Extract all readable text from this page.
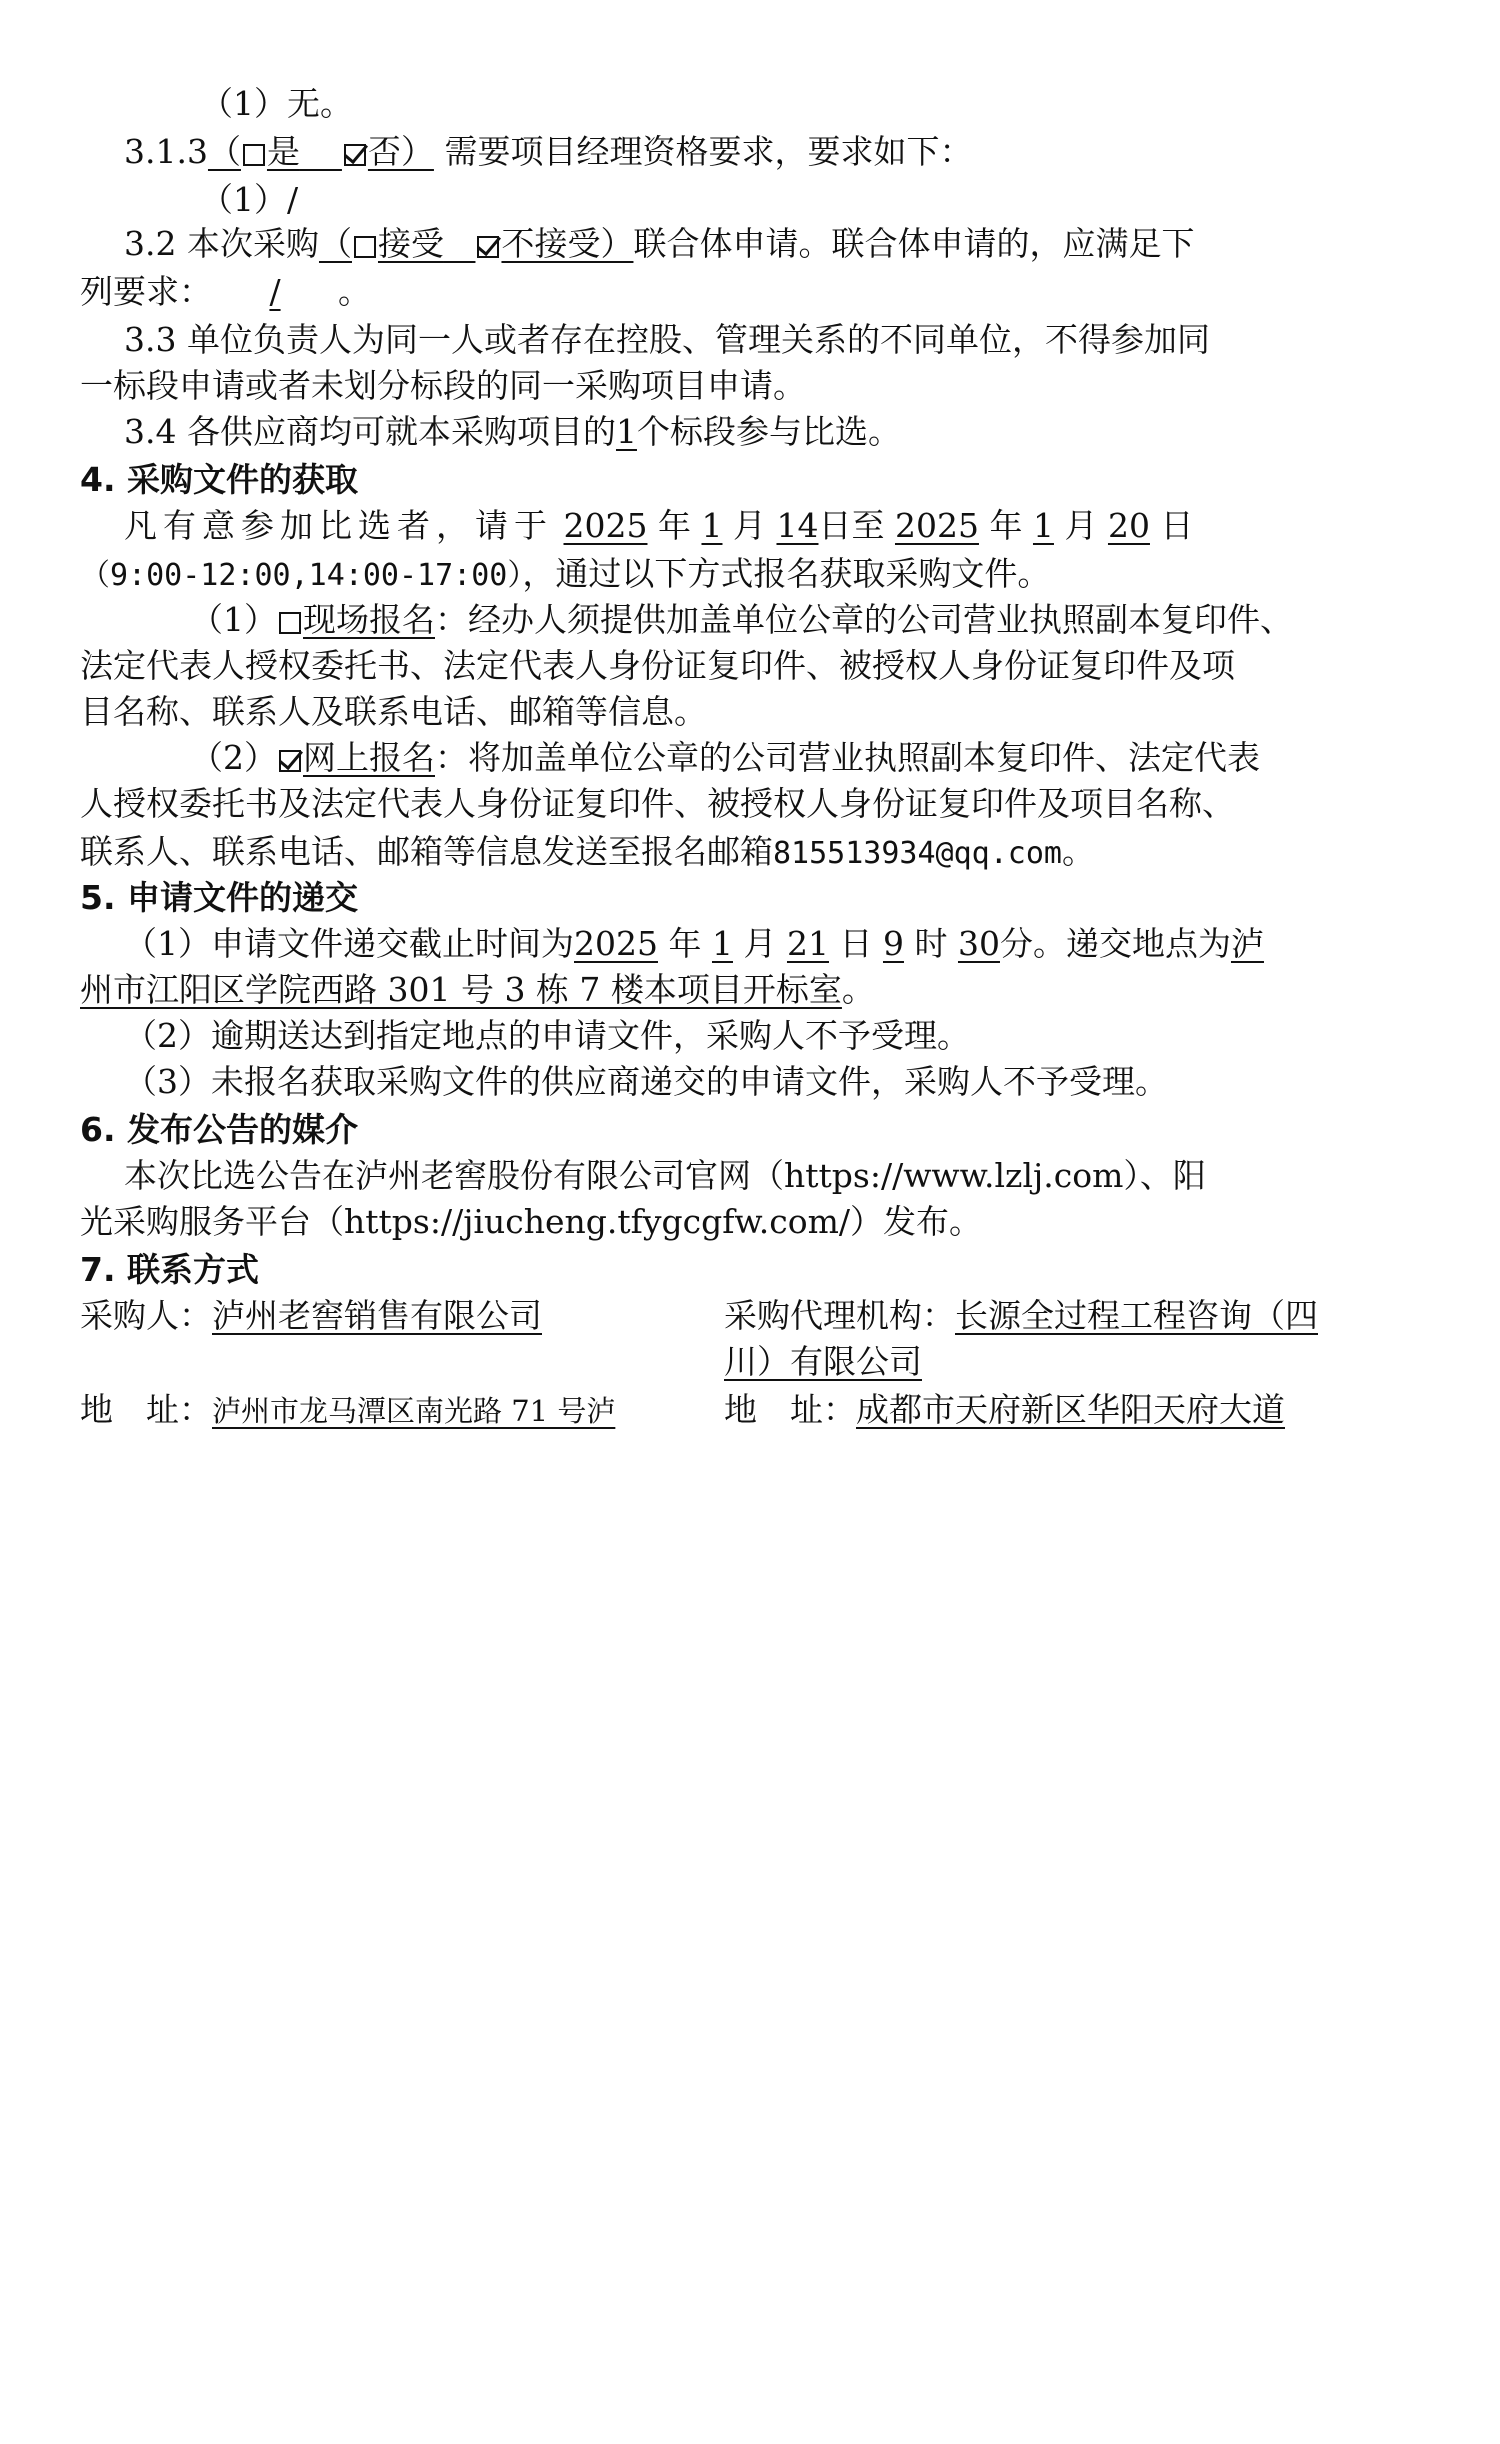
（1）无。
3.1.3（ 是 否） 需要项目经理资格要求，要求如下：
（1）/
3.2 本次采购（ 接受 不接受）联合体申请。联合体申请的，应满足下
列要求： / 。
3.3 单位负责人为同一人或者存在控股、管理关系的不同单位，不得参加同
一标段申请或者未划分标段的同一采购项目申请。
3.4 各供应商均可就本采购项目的1个标段参与比选。
4. 采购文件的获取
凡有意参加比选者，请于 2025 年 1 月 14日至 2025 年 1 月 20 日
（9:00-12:00,14:00-17:00），通过以下方式报名获取采购文件。
（1） 现场报名：经办人须提供加盖单位公章的公司营业执照副本复印件、
法定代表人授权委托书、法定代表人身份证复印件、被授权人身份证复印件及项
目名称、联系人及联系电话、邮箱等信息。
（2） 网上报名：将加盖单位公章的公司营业执照副本复印件、法定代表
人授权委托书及法定代表人身份证复印件、被授权人身份证复印件及项目名称、
联系人、联系电话、邮箱等信息发送至报名邮箱815513934@qq.com。
5. 申请文件的递交
（1）申请文件递交截止时间为2025 年 1 月 21 日 9 时 30分。递交地点为泸
州市江阳区学院西路 301 号 3 栋 7 楼本项目开标室。
（2）逾期送达到指定地点的申请文件，采购人不予受理。
（3）未报名获取采购文件的供应商递交的申请文件，采购人不予受理。
6. 发布公告的媒介
本次比选公告在泸州老窖股份有限公司官网（https://www.lzlj.com）、阳
光采购服务平台（https://jiucheng.tfygcgfw.com/）发布。
7. 联系方式
采购人：泸州老窖销售有限公司	采购代理机构：长源全过程工程咨询（四
川）有限公司
地　址：泸州市龙马潭区南光路 71 号泸	地　址：成都市天府新区华阳天府大道
